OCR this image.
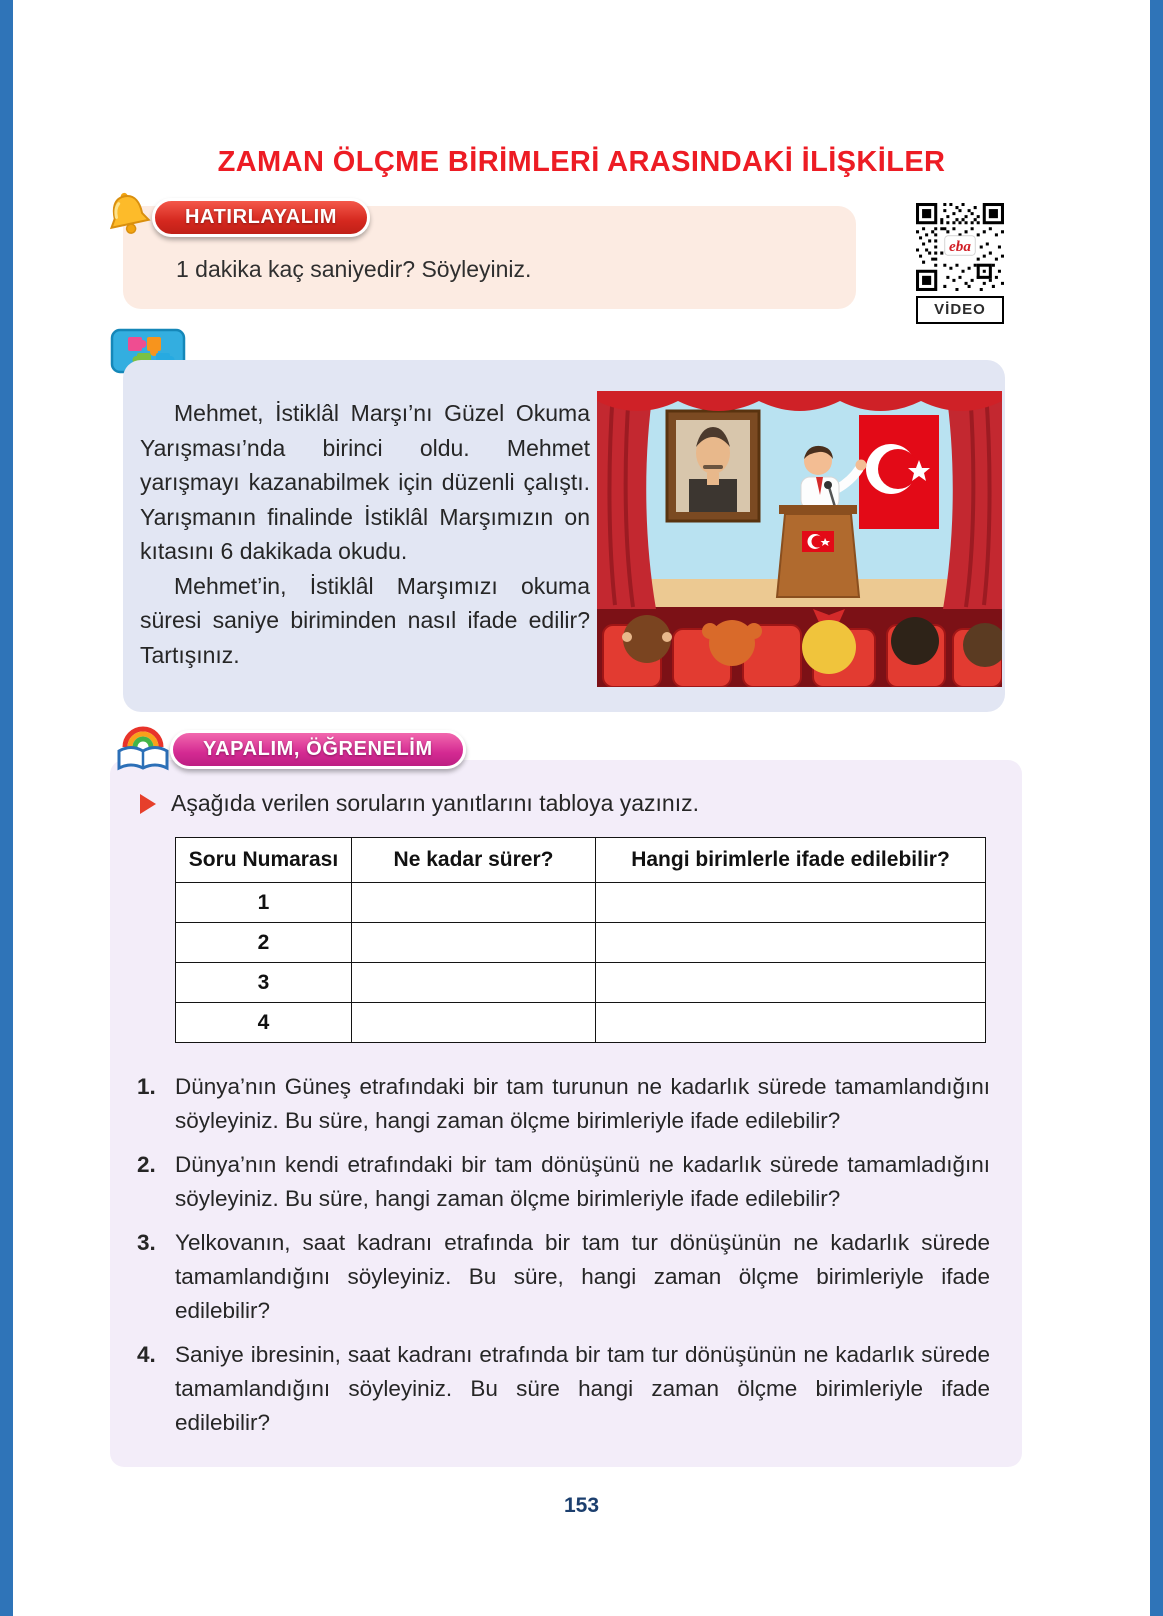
ZAMAN ÖLÇME BİRİMLERİ ARASINDAKİ İLİŞKİLER
HATIRLAYALIM
1 dakika kaç saniyedir? Söyleyiniz.
eba
VİDEO

Mehmet, İstiklâl Marşı’nı Güzel Okuma Yarışması’nda birinci oldu. Mehmet yarışmayı kazanabilmek için düzenli çalıştı. Yarışmanın finalinde İstiklâl Marşımızın on kıtasını 6 dakikada okudu.

Mehmet’in, İstiklâl Marşımızı okuma süresi saniye biriminden nasıl ifade edilir? Tartışınız.

YAPALIM, ÖĞRENELİM
Aşağıda verilen soruların yanıtlarını tabloya yazınız.
Soru Numarası	Ne kadar sürer?	Hangi birimlerle ifade edilebilir?
1		
2		
3		
4		
1. Dünya’nın Güneş etrafındaki bir tam turunun ne kadarlık sürede tamamlandığını söyleyiniz. Bu süre, hangi zaman ölçme birimleriyle ifade edilebilir?
2. Dünya’nın kendi etrafındaki bir tam dönüşünü ne kadarlık sürede tamamladığını söyleyiniz. Bu süre, hangi zaman ölçme birimleriyle ifade edilebilir?
3. Yelkovanın, saat kadranı etrafında bir tam tur dönüşünün ne kadarlık sürede tamamlandığını söyleyiniz. Bu süre, hangi zaman ölçme birimleriyle ifade edilebilir?
4. Saniye ibresinin, saat kadranı etrafında bir tam tur dönüşünün ne kadarlık sürede tamamlandığını söyleyiniz. Bu süre hangi zaman ölçme birimleriyle ifade edilebilir?
153
